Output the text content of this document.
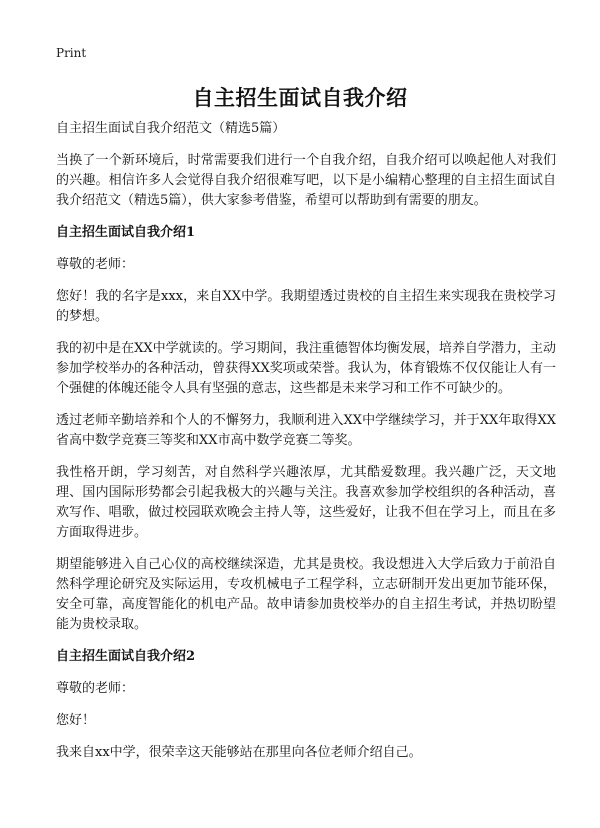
Print
自主招生面试自我介绍

自主招生面试自我介绍范文（精选5篇）

当换了一个新环境后，时常需要我们进行一个自我介绍，自我介绍可以唤起他人对我们的兴趣。相信许多人会觉得自我介绍很难写吧，以下是小编精心整理的自主招生面试自我介绍范文（精选5篇），供大家参考借鉴，希望可以帮助到有需要的朋友。

自主招生面试自我介绍1

尊敬的老师：

您好！我的名字是xxx，来自XX中学。我期望透过贵校的自主招生来实现我在贵校学习的梦想。

我的初中是在XX中学就读的。学习期间，我注重德智体均衡发展，培养自学潜力，主动参加学校举办的各种活动，曾获得XX奖项或荣誉。我认为，体育锻炼不仅仅能让人有一个强健的体魄还能令人具有坚强的意志，这些都是未来学习和工作不可缺少的。

透过老师辛勤培养和个人的不懈努力，我顺利进入XX中学继续学习，并于XX年取得XX省高中数学竞赛三等奖和XX市高中数学竞赛二等奖。

我性格开朗，学习刻苦，对自然科学兴趣浓厚，尤其酷爱数理。我兴趣广泛，天文地理、国内国际形势都会引起我极大的兴趣与关注。我喜欢参加学校组织的各种活动，喜欢写作、唱歌，做过校园联欢晚会主持人等，这些爱好，让我不但在学习上，而且在多方面取得进步。

期望能够进入自己心仪的高校继续深造，尤其是贵校。我设想进入大学后致力于前沿自然科学理论研究及实际运用，专攻机械电子工程学科，立志研制开发出更加节能环保，安全可靠，高度智能化的机电产品。故申请参加贵校举办的自主招生考试，并热切盼望能为贵校录取。

自主招生面试自我介绍2

尊敬的老师：

您好！

我来自xx中学，很荣幸这天能够站在那里向各位老师介绍自己。
